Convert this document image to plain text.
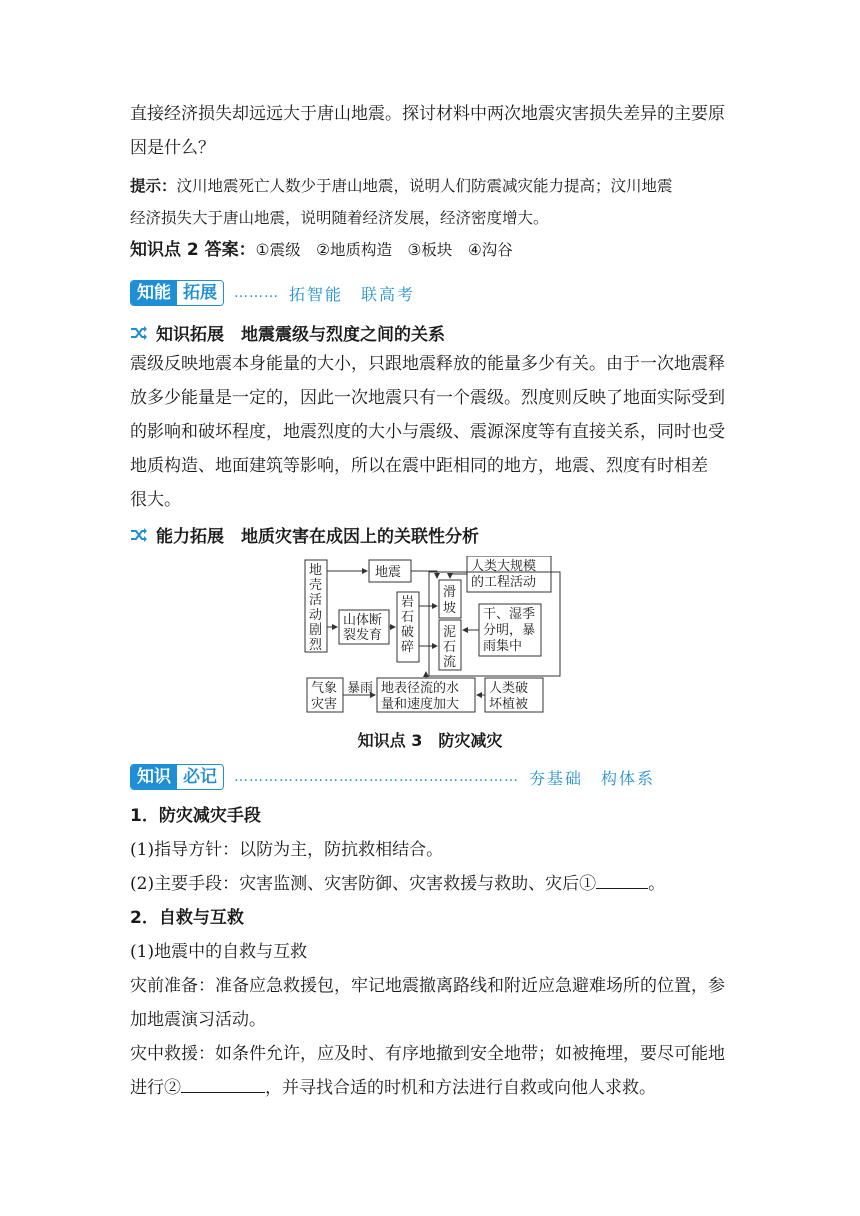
直接经济损失却远远大于唐山地震。探讨材料中两次地震灾害损失差异的主要原
因是什么？
提示：汶川地震死亡人数少于唐山地震，说明人们防震减灾能力提高；汶川地震
经济损失大于唐山地震，说明随着经济发展，经济密度增大。
知识点 2 答案：①震级　②地质构造　③板块　④沟谷
知能 拓展	……… 拓智能　联高考
知识拓展　地震震级与烈度之间的关系
震级反映地震本身能量的大小，只跟地震释放的能量多少有关。由于一次地震释
放多少能量是一定的，因此一次地震只有一个震级。烈度则反映了地面实际受到
的影响和破坏程度，地震烈度的大小与震级、震源深度等有直接关系，同时也受
地质构造、地面建筑等影响，所以在震中距相同的地方，地震、烈度有时相差
很大。
能力拓展　地质灾害在成因上的关联性分析
暴雨
地
壳
活
动
剧
烈
山体断
裂发育
岩
石
破
碎
滑
坡
泥
石
流
人类大规模
的工程活动
干、湿季
分明，暴
雨集中
气象
灾害
地表径流的水
量和速度加大
人类破
坏植被
地震
知识点 3　防灾减灾
知识 必记	………………………………………………… 夯基础　构体系
1．防灾减灾手段
(1)指导方针：以防为主，防抗救相结合。
(2)主要手段：灾害监测、灾害防御、灾害救援与救助、灾后①	。
2．自救与互救
(1)地震中的自救与互救
灾前准备：准备应急救援包，牢记地震撤离路线和附近应急避难场所的位置，参
加地震演习活动。
灾中救援：如条件允许，应及时、有序地撤到安全地带；如被掩埋，要尽可能地
进行②	，并寻找合适的时机和方法进行自救或向他人求救。
